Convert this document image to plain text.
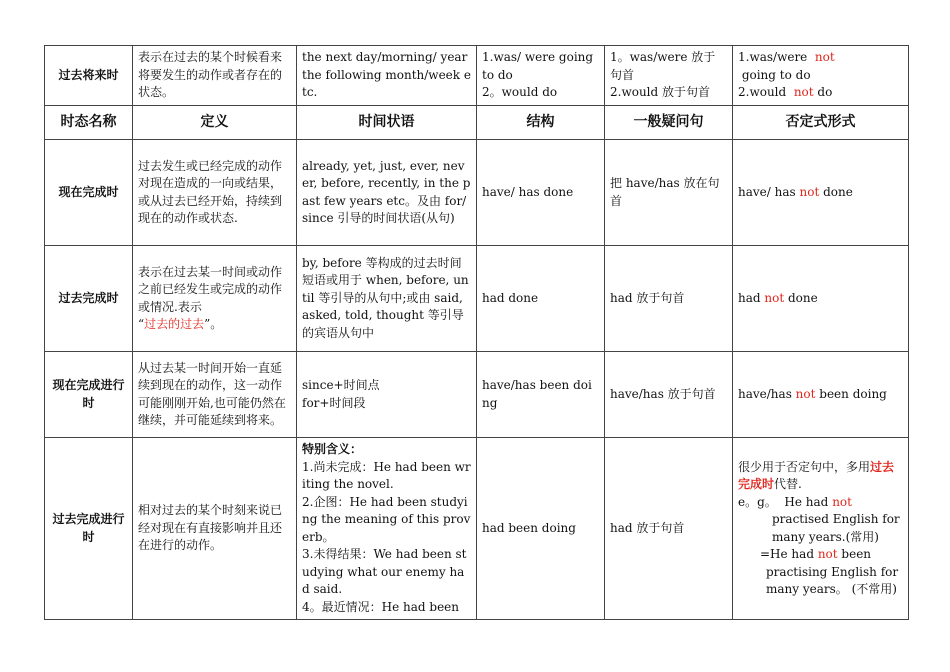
过去将来时	表示在过去的某个时候看来将要发生的动作或者存在的状态。	the next day/morning/ year the following month/week etc.	1.was/ were going to do
2。would do	1。was/were 放于句首
2.would 放于句首	1.was/were  not going to do
2.would  not do
时态名称	定义	时间状语	结构	一般疑问句	否定式形式
现在完成时	过去发生或已经完成的动作对现在造成的一向或结果，或从过去已经开始，持续到现在的动作或状态.	already, yet, just, ever, never, before, recently, in the past few years etc。及由 for/since 引导的时间状语(从句)	have/ has done	把 have/has 放在句首	have/ has not done
过去完成时	表示在过去某一时间或动作之前已经发生或完成的动作或情况.表示
“过去的过去”。	by, before 等构成的过去时间短语或用于 when, before, until 等引导的从句中;或由 said, asked, told, thought 等引导的宾语从句中	had done	had 放于句首	had not done
现在完成进行时	从过去某一时间开始一直延续到现在的动作，这一动作可能刚刚开始,也可能仍然在继续，并可能延续到将来。	since+时间点
for+时间段	have/has been doing	have/has 放于句首	have/has not been doing
过去完成进行时	相对过去的某个时刻来说已经对现在有直接影响并且还在进行的动作。	特别含义：
1.尚未完成：He had been writing the novel.
2.企图：He had been studying the meaning of this proverb。
3.未得结果：We had been studying what our enemy had said.
4。最近情况：He had been	had been doing	had 放于句首	很少用于否定句中，多用过去完成时代替.
e。g。  He had not
practised English for many years.(常用)
=He had not been
practising English for many years。 (不常用)
